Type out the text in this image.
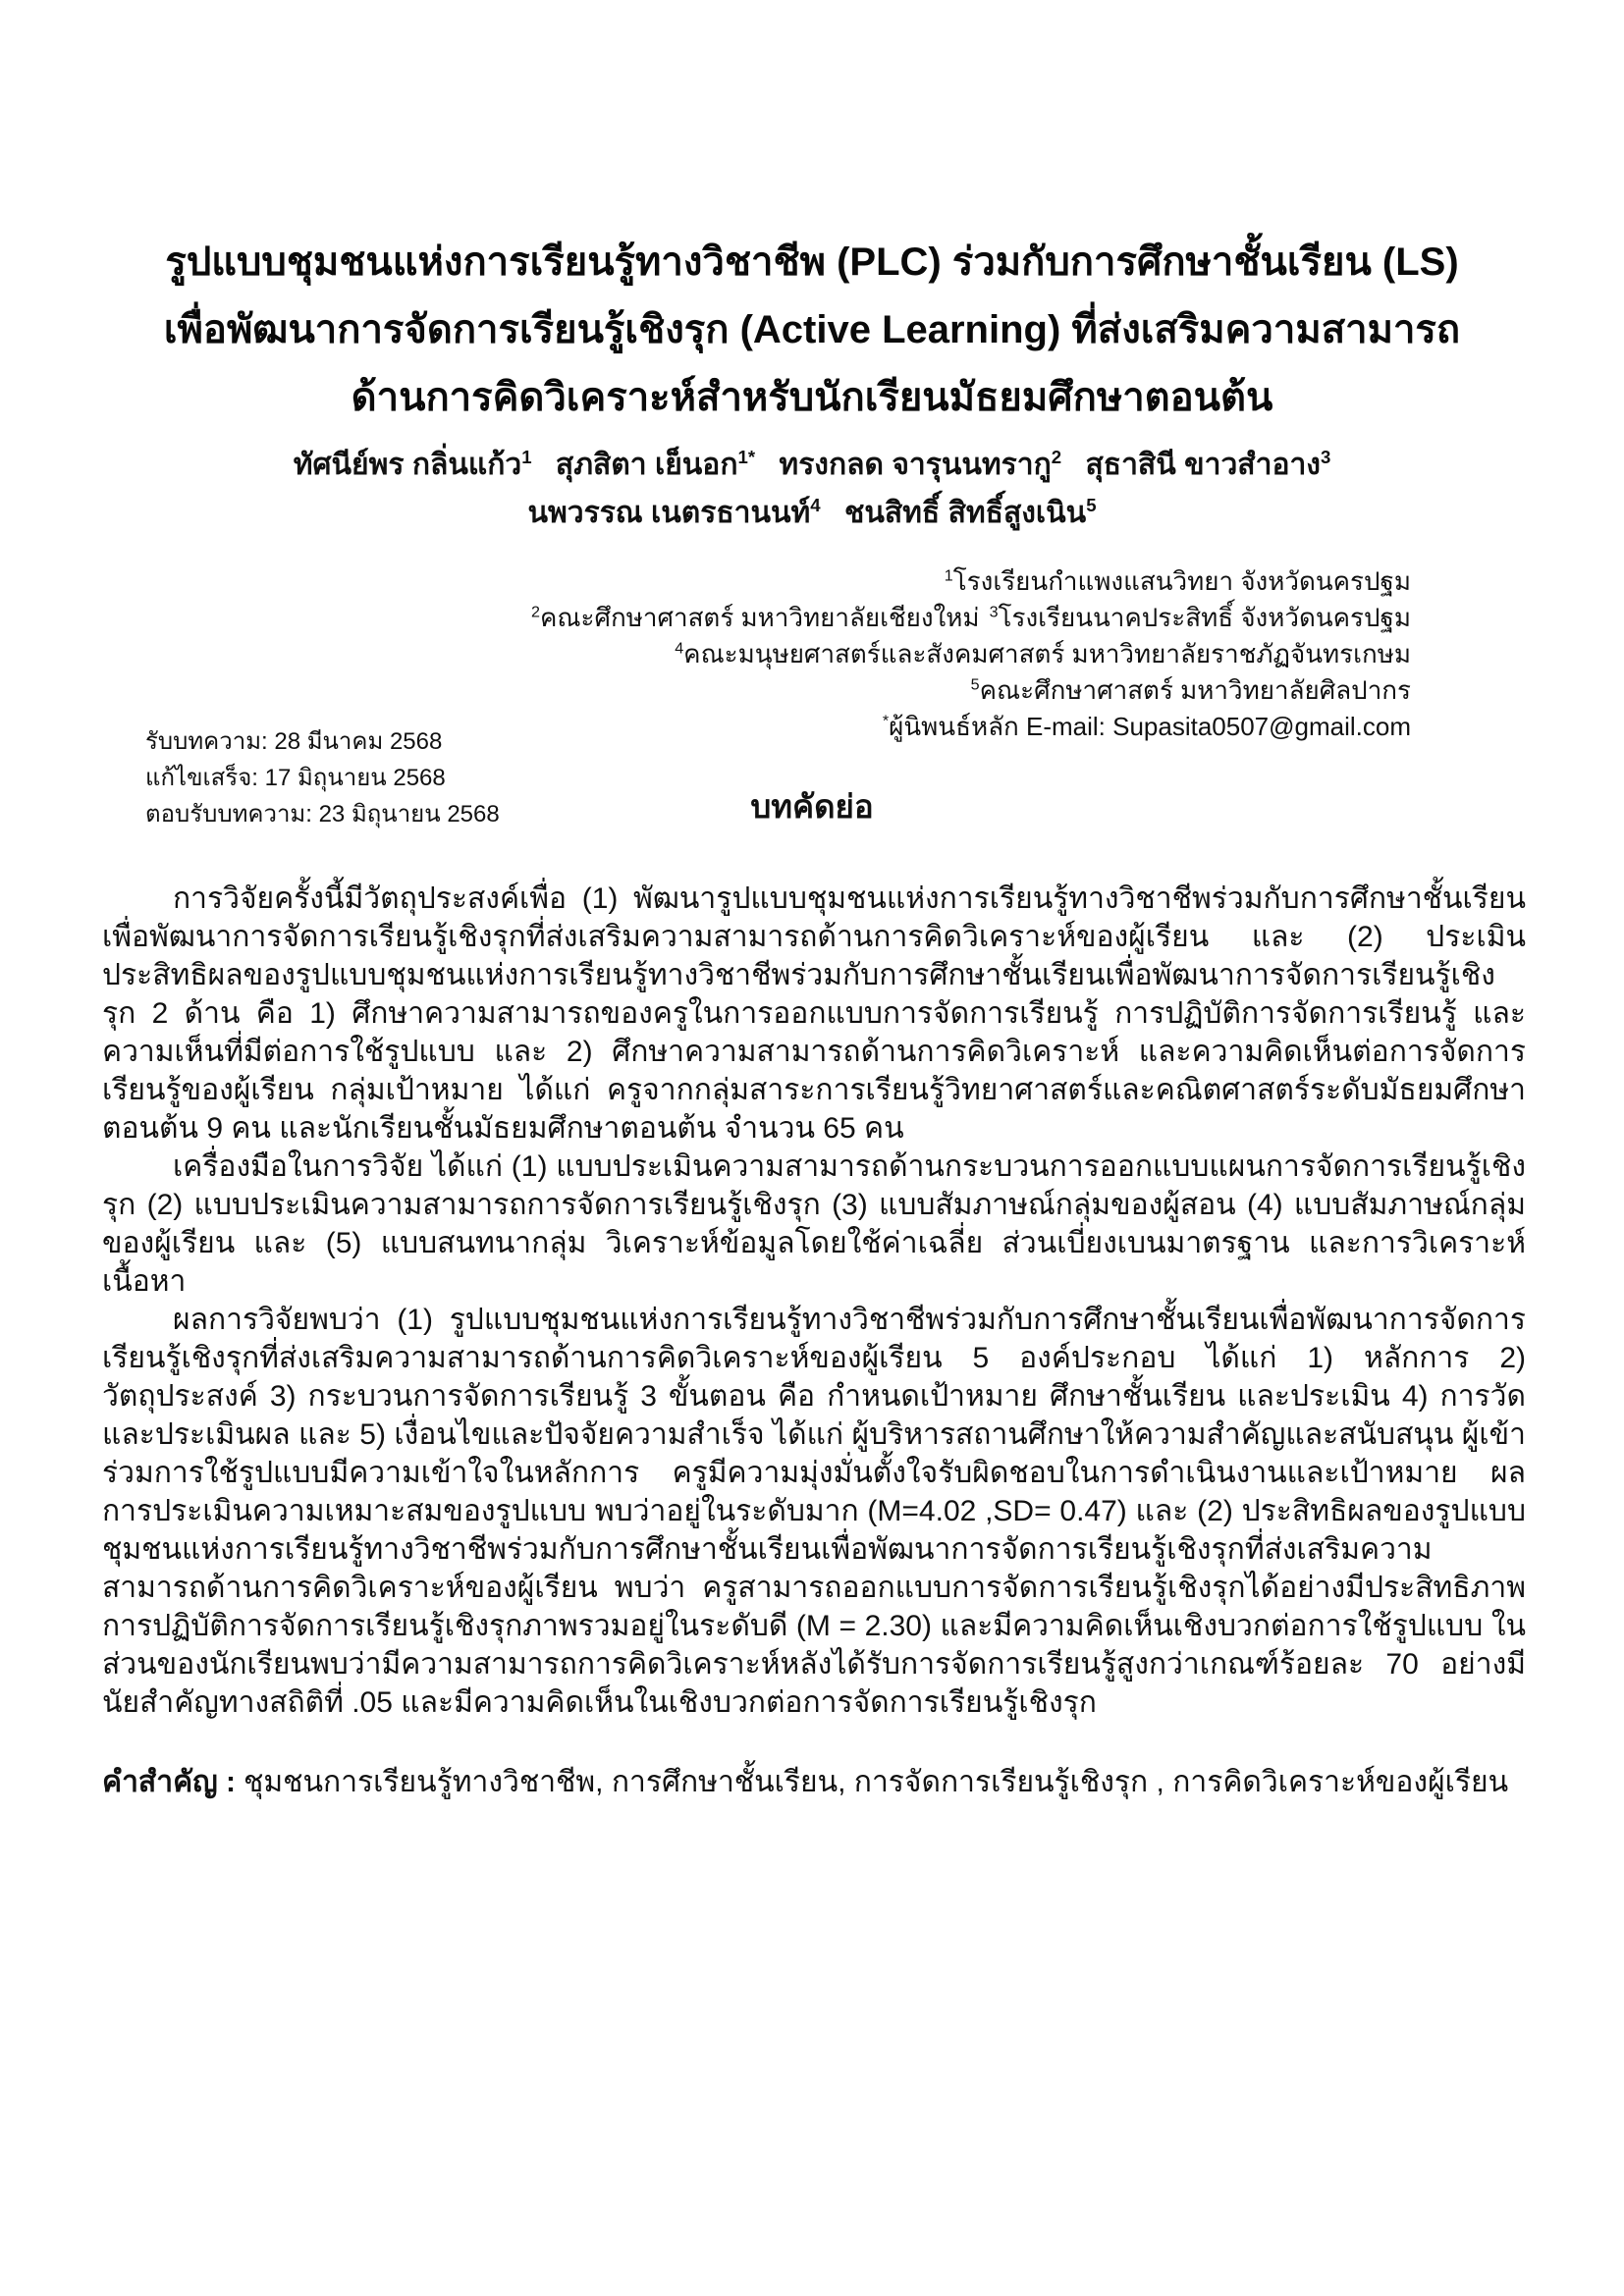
รูปแบบชุมชนแห่งการเรียนรู้ทางวิชาชีพ (PLC) ร่วมกับการศึกษาชั้นเรียน (LS)
เพื่อพัฒนาการจัดการเรียนรู้เชิงรุก (Active Learning) ที่ส่งเสริมความสามารถ
ด้านการคิดวิเคราะห์สำหรับนักเรียนมัธยมศึกษาตอนต้น
ทัศนีย์พร กลิ่นแก้ว$^1$ สุภสิตา เย็นอก$^{1*}$ ทรงกลด จารุนนทรากู$^2$ สุธาสินี ขาวสำอาง$^3$
นพวรรณ เนตรธานนท์$^4$ ชนสิทธิ์ สิทธิ์สูงเนิน$^5$
$^1$โรงเรียนกำแพงแสนวิทยา จังหวัดนครปฐม
$^2$คณะศึกษาศาสตร์ มหาวิทยาลัยเชียงใหม่ $^3$โรงเรียนนาคประสิทธิ์ จังหวัดนครปฐม
$^4$คณะมนุษยศาสตร์และสังคมศาสตร์ มหาวิทยาลัยราชภัฏจันทรเกษม
$^5$คณะศึกษาศาสตร์ มหาวิทยาลัยศิลปากร
*ผู้นิพนธ์หลัก E-mail: Supasita0507@gmail.com
รับบทความ: 28 มีนาคม 2568
แก้ไขเสร็จ: 17 มิถุนายน 2568
ตอบรับบทความ: 23 มิถุนายน 2568	บทคัดย่อ

การวิจัยครั้งนี้มีวัตถุประสงค์เพื่อ (1) พัฒนารูปแบบชุมชนแห่งการเรียนรู้ทางวิชาชีพร่วมกับการศึกษาชั้นเรียนเพื่อพัฒนาการจัดการเรียนรู้เชิงรุกที่ส่งเสริมความสามารถด้านการคิดวิเคราะห์ของผู้เรียน และ (2) ประเมินประสิทธิผลของรูปแบบชุมชนแห่งการเรียนรู้ทางวิชาชีพร่วมกับการศึกษาชั้นเรียนเพื่อพัฒนาการจัดการเรียนรู้เชิงรุก 2 ด้าน คือ 1) ศึกษาความสามารถของครูในการออกแบบการจัดการเรียนรู้ การปฏิบัติการจัดการเรียนรู้ และความเห็นที่มีต่อการใช้รูปแบบ และ 2) ศึกษาความสามารถด้านการคิดวิเคราะห์ และความคิดเห็นต่อการจัดการเรียนรู้ของผู้เรียน กลุ่มเป้าหมาย ได้แก่ ครูจากกลุ่มสาระการเรียนรู้วิทยาศาสตร์และคณิตศาสตร์ระดับมัธยมศึกษาตอนต้น 9 คน และนักเรียนชั้นมัธยมศึกษาตอนต้น จำนวน 65 คน

เครื่องมือในการวิจัย ได้แก่ (1) แบบประเมินความสามารถด้านกระบวนการออกแบบแผนการจัดการเรียนรู้เชิงรุก (2) แบบประเมินความสามารถการจัดการเรียนรู้เชิงรุก (3) แบบสัมภาษณ์กลุ่มของผู้สอน (4) แบบสัมภาษณ์กลุ่มของผู้เรียน และ (5) แบบสนทนากลุ่ม วิเคราะห์ข้อมูลโดยใช้ค่าเฉลี่ย ส่วนเบี่ยงเบนมาตรฐาน และการวิเคราะห์เนื้อหา

ผลการวิจัยพบว่า (1) รูปแบบชุมชนแห่งการเรียนรู้ทางวิชาชีพร่วมกับการศึกษาชั้นเรียนเพื่อพัฒนาการจัดการเรียนรู้เชิงรุกที่ส่งเสริมความสามารถด้านการคิดวิเคราะห์ของผู้เรียน 5 องค์ประกอบ ได้แก่ 1) หลักการ 2) วัตถุประสงค์ 3) กระบวนการจัดการเรียนรู้ 3 ขั้นตอน คือ กำหนดเป้าหมาย ศึกษาชั้นเรียน และประเมิน 4) การวัดและประเมินผล และ 5) เงื่อนไขและปัจจัยความสำเร็จ ได้แก่ ผู้บริหารสถานศึกษาให้ความสำคัญและสนับสนุน ผู้เข้าร่วมการใช้รูปแบบมีความเข้าใจในหลักการ ครูมีความมุ่งมั่นตั้งใจรับผิดชอบในการดำเนินงานและเป้าหมาย ผลการประเมินความเหมาะสมของรูปแบบ พบว่าอยู่ในระดับมาก (M=4.02 ,SD= 0.47) และ (2) ประสิทธิผลของรูปแบบชุมชนแห่งการเรียนรู้ทางวิชาชีพร่วมกับการศึกษาชั้นเรียนเพื่อพัฒนาการจัดการเรียนรู้เชิงรุกที่ส่งเสริมความสามารถด้านการคิดวิเคราะห์ของผู้เรียน พบว่า ครูสามารถออกแบบการจัดการเรียนรู้เชิงรุกได้อย่างมีประสิทธิภาพ การปฏิบัติการจัดการเรียนรู้เชิงรุกภาพรวมอยู่ในระดับดี (M = 2.30) และมีความคิดเห็นเชิงบวกต่อการใช้รูปแบบ ในส่วนของนักเรียนพบว่ามีความสามารถการคิดวิเคราะห์หลังได้รับการจัดการเรียนรู้สูงกว่าเกณฑ์ร้อยละ 70 อย่างมีนัยสำคัญทางสถิติที่ .05 และมีความคิดเห็นในเชิงบวกต่อการจัดการเรียนรู้เชิงรุก

คำสำคัญ : ชุมชนการเรียนรู้ทางวิชาชีพ, การศึกษาชั้นเรียน, การจัดการเรียนรู้เชิงรุก , การคิดวิเคราะห์ของผู้เรียน
